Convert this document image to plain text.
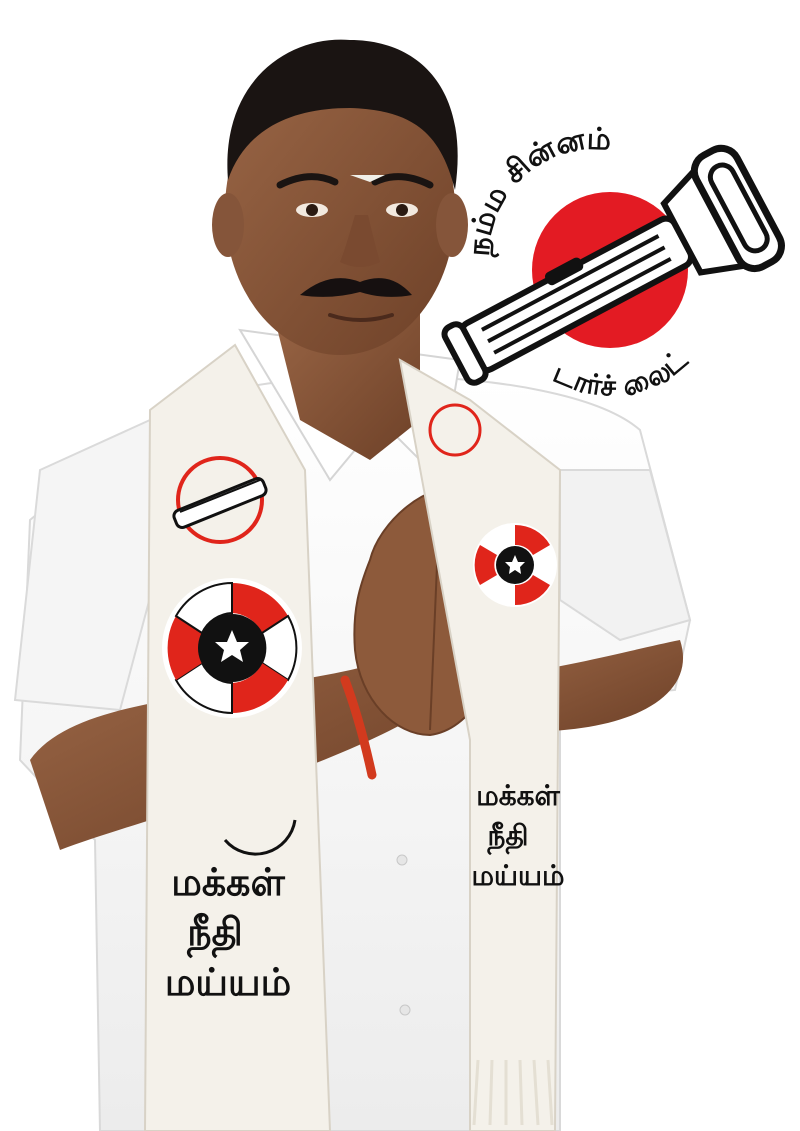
மக்கள்
நீதி
மய்யம்
மக்கள்
நீதி
மய்யம்
நம்ம சின்னம்
டார்ச் லைட்
